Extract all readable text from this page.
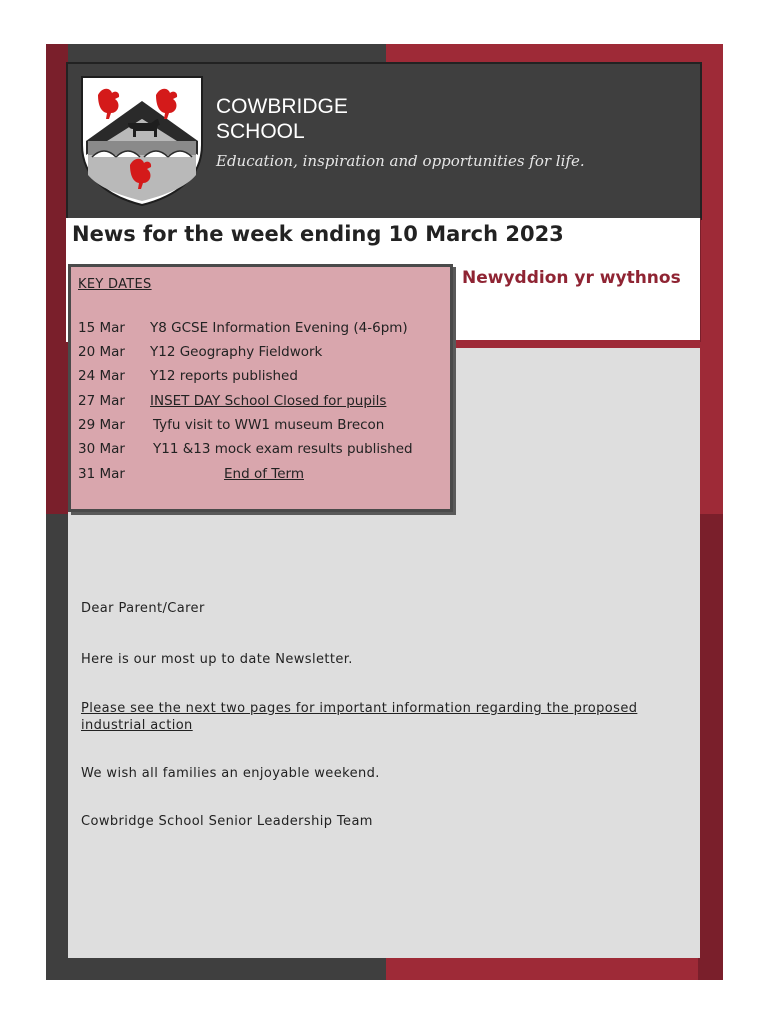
COWBRIDGE
SCHOOL
Education, inspiration and opportunities for life.
News for the week ending 10 March 2023
Newyddion yr wythnos
KEY DATES
15 Mar Y8 GCSE Information Evening (4-6pm)
20 Mar Y12 Geography Fieldwork
24 Mar Y12 reports published
27 Mar INSET DAY School Closed for pupils
29 Mar Tyfu visit to WW1 museum Brecon
30 Mar Y11 &13 mock exam results published
31 Mar	End of Term
Dear Parent/Carer
Here is our most up to date Newsletter.
Please see the next two pages for important information regarding the proposed industrial action
We wish all families an enjoyable weekend.
Cowbridge School Senior Leadership Team
